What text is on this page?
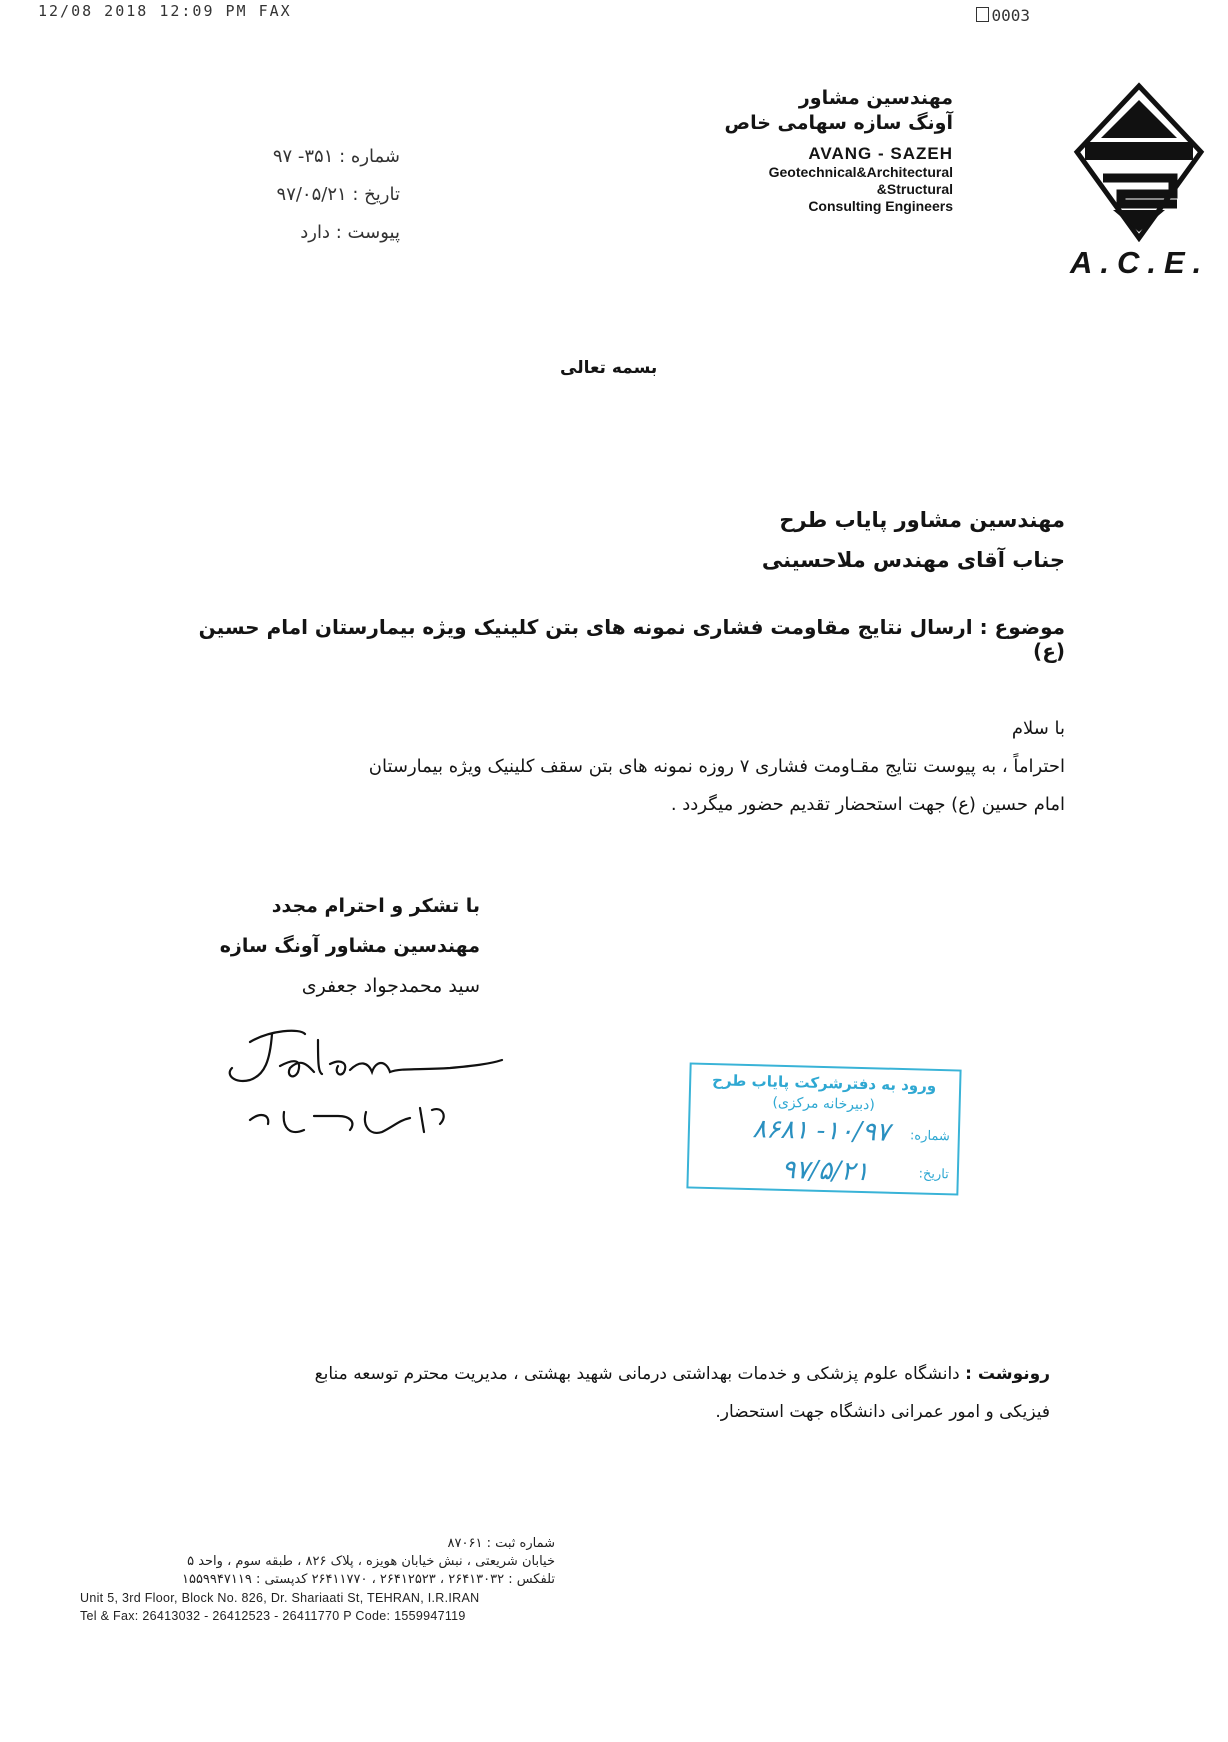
12/08 2018 12:09 PM FAX	0003
شماره : ۳۵۱- ۹۷
تاریخ : ۹۷/۰۵/۲۱
پیوست : دارد
مهندسین مشاور
آونگ سازه سهامی خاص
AVANG - SAZEH
Geotechnical&Architectural
&Structural
Consulting Engineers
A.C.E.
بسمه تعالی
مهندسین مشاور پایاب طرح
جناب آقای مهندس ملاحسینی
موضوع : ارسال نتایج مقاومت فشاری نمونه های بتن کلینیک ویژه بیمارستان امام حسین (ع)
با سلام
احتراماً ، به پیوست نتایج مقـاومت فشاری ۷ روزه نمونه های بتن سقف کلینیک ویژه بیمارستان
امام حسین (ع) جهت استحضار تقدیم حضور میگردد .
با تشکر و احترام مجدد
مهندسین مشاور آونگ سازه
سید محمدجواد جعفری
ورود به دفترشرکت پایاب طرح
(دبیرخانه مرکزی)
شماره:
۱۰/۹۷- ۸۶۸۱
تاریخ:
۹۷/۵/۲۱
رونوشت : دانشگاه علوم پزشکی و خدمات بهداشتی درمانی شهید بهشتی ، مدیریت محترم توسعه منابع
فیزیکی و امور عمرانی دانشگاه جهت استحضار.
شماره ثبت : ۸۷۰۶۱
خیابان شریعتی ، نبش خیابان هویزه ، پلاک ۸۲۶ ، طبقه سوم ، واحد ۵
تلفکس : ۲۶۴۱۳۰۳۲ ، ۲۶۴۱۲۵۲۳ ، ۲۶۴۱۱۷۷۰ کدپستی : ۱۵۵۹۹۴۷۱۱۹
Unit 5, 3rd Floor, Block No. 826, Dr. Shariaati St, TEHRAN, I.R.IRAN
Tel & Fax: 26413032 - 26412523 - 26411770 P Code: 1559947119
